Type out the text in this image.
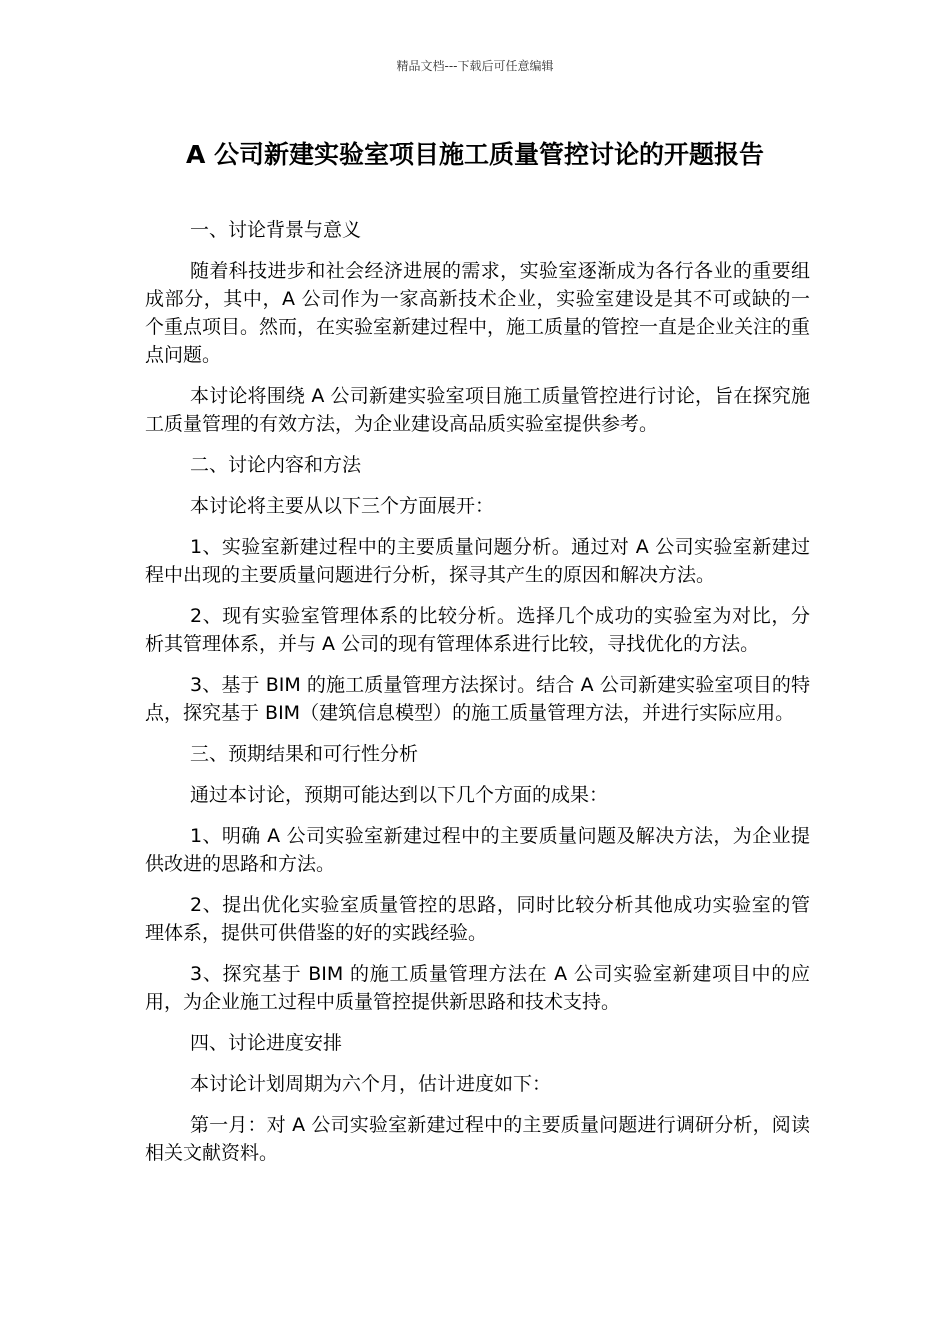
精品文档---下载后可任意编辑

A 公司新建实验室项目施工质量管控讨论的开题报告

一、讨论背景与意义

随着科技进步和社会经济进展的需求，实验室逐渐成为各行各业的重要组成部分，其中，A 公司作为一家高新技术企业，实验室建设是其不可或缺的一个重点项目。然而，在实验室新建过程中，施工质量的管控一直是企业关注的重点问题。

本讨论将围绕 A 公司新建实验室项目施工质量管控进行讨论，旨在探究施工质量管理的有效方法，为企业建设高品质实验室提供参考。

二、讨论内容和方法

本讨论将主要从以下三个方面展开：

1、实验室新建过程中的主要质量问题分析。通过对 A 公司实验室新建过程中出现的主要质量问题进行分析，探寻其产生的原因和解决方法。

2、现有实验室管理体系的比较分析。选择几个成功的实验室为对比，分析其管理体系，并与 A 公司的现有管理体系进行比较，寻找优化的方法。

3、基于 BIM 的施工质量管理方法探讨。结合 A 公司新建实验室项目的特点，探究基于 BIM（建筑信息模型）的施工质量管理方法，并进行实际应用。

三、预期结果和可行性分析

通过本讨论，预期可能达到以下几个方面的成果：

1、明确 A 公司实验室新建过程中的主要质量问题及解决方法，为企业提供改进的思路和方法。

2、提出优化实验室质量管控的思路，同时比较分析其他成功实验室的管理体系，提供可供借鉴的好的实践经验。

3、探究基于 BIM 的施工质量管理方法在 A 公司实验室新建项目中的应用，为企业施工过程中质量管控提供新思路和技术支持。

四、讨论进度安排

本讨论计划周期为六个月，估计进度如下：

第一月：对 A 公司实验室新建过程中的主要质量问题进行调研分析，阅读相关文献资料。
